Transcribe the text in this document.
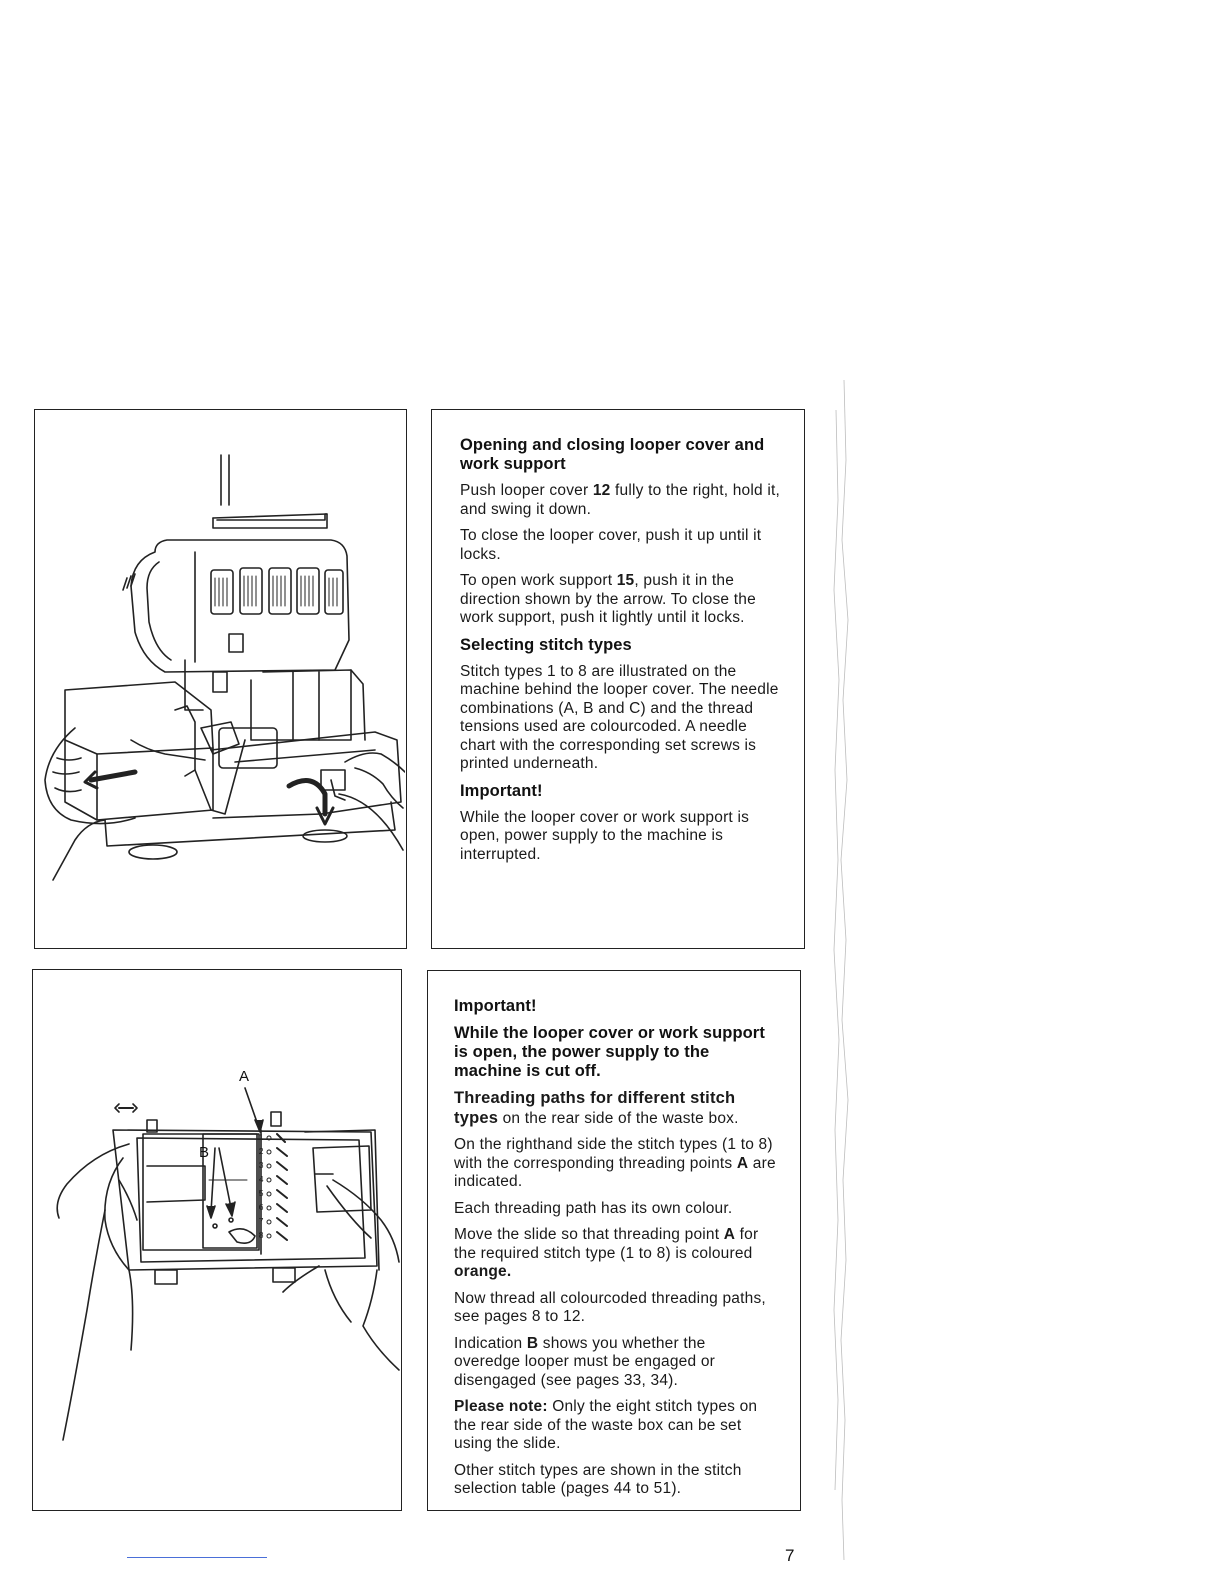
Opening and closing looper cover and work support
Push looper cover 12 fully to the right, hold it, and swing it down.
To close the looper cover, push it up until it locks.
To open work support 15, push it in the direction shown by the arrow. To close the work support, push it lightly until it locks.
Selecting stitch types
Stitch types 1 to 8 are illustrated on the machine behind the looper cover. The needle combinations (A, B and C) and the thread tensions used are colourcoded. A needle chart with the corresponding set screws is printed underneath.
Important!
While the looper cover or work support is open, power supply to the machine is interrupted.
A
B
1
2
3
4
5
6
7
8
Important!
While the looper cover or work support is open, the power supply to the machine is cut off.
Threading paths for different stitch types on the rear side of the waste box.
On the righthand side the stitch types (1 to 8) with the corresponding threading points A are indicated.
Each threading path has its own colour.
Move the slide so that threading point A for the required stitch type (1 to 8) is coloured orange.
Now thread all colourcoded threading paths, see pages 8 to 12.
Indication B shows you whether the overedge looper must be engaged or disengaged (see pages 33, 34).
Please note: Only the eight stitch types on the rear side of the waste box can be set using the slide.
Other stitch types are shown in the stitch selection table (pages 44 to 51).
7
